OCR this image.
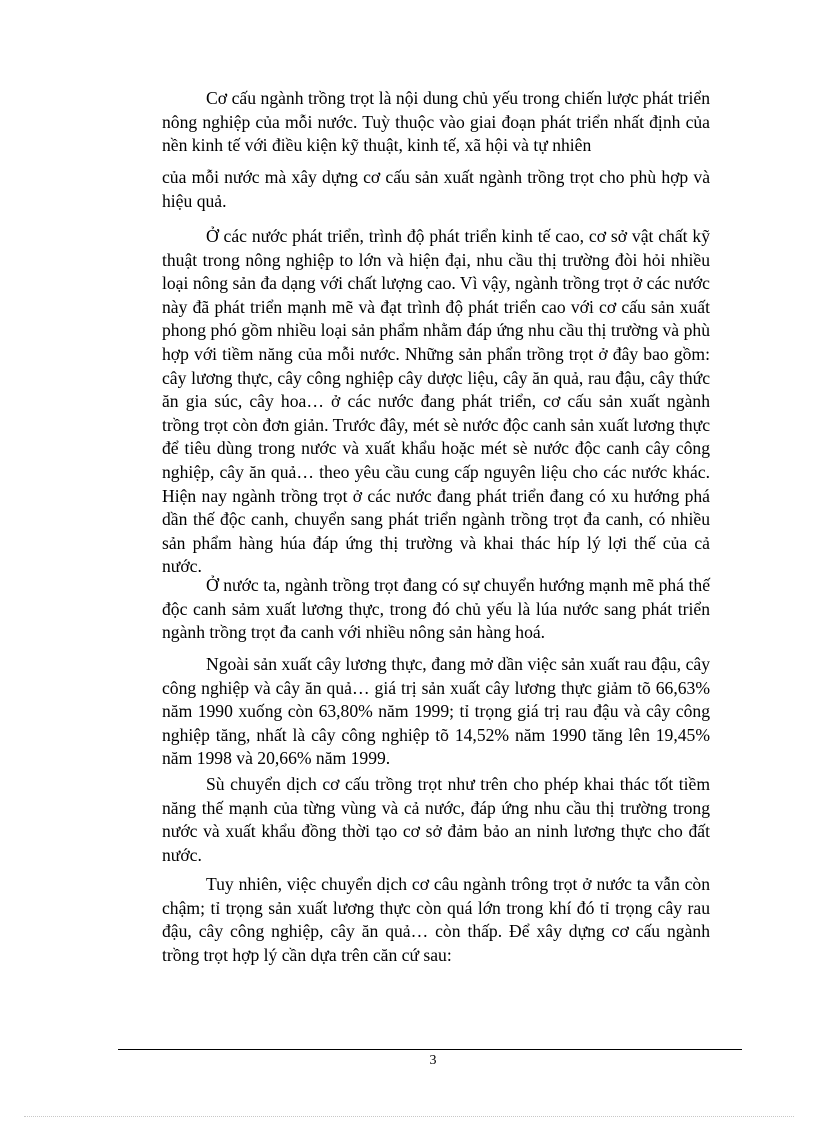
Cơ cấu ngành trồng trọt là nội dung chủ yếu trong chiến lược phát triển nông nghiệp của mỗi nước. Tuỳ thuộc vào giai đoạn phát triển nhất định của nền kinh tế với điều kiện kỹ thuật, kinh tế, xã hội và tự nhiên

của mỗi nước mà xây dựng cơ cấu sản xuất ngành trồng trọt cho phù hợp và hiệu quả.

Ở các nước phát triển, trình độ phát triển kinh tế cao, cơ sở vật chất kỹ thuật trong nông nghiệp to lớn và hiện đại, nhu cầu thị trường đòi hỏi nhiều loại nông sản đa dạng với chất lượng cao. Vì vậy, ngành trồng trọt ở các nước này đã phát triển mạnh mẽ và đạt trình độ phát triển cao với cơ cấu sản xuất phong phó gồm nhiều loại sản phẩm nhằm đáp ứng nhu cầu thị trường và phù hợp với tiềm năng của mỗi nước. Những sản phẩn trồng trọt ở đây bao gồm: cây lương thực, cây công nghiệp cây dược liệu, cây ăn quả, rau đậu, cây thức ăn gia súc, cây hoa… ở các nước đang phát triển, cơ cấu sản xuất ngành trồng trọt còn đơn giản. Trước đây, mét sè nước độc canh sản xuất lương thực để tiêu dùng trong nước và xuất khẩu hoặc mét sè nước độc canh cây công nghiệp, cây ăn quả… theo yêu cầu cung cấp nguyên liệu cho các nước khác. Hiện nay ngành trồng trọt ở các nước đang phát triển đang có xu hướng phá dần thế độc canh, chuyển sang phát triển ngành trồng trọt đa canh, có nhiều sản phẩm hàng húa đáp ứng thị trường và khai thác híp lý lợi thế của cả nước.

Ở nước ta, ngành trồng trọt đang có sự chuyển hướng mạnh mẽ phá thế độc canh sảm xuất lương thực, trong đó chủ yếu là lúa nước sang phát triển ngành trồng trọt đa canh với nhiều nông sản hàng hoá.

Ngoài sản xuất cây lương thực, đang mở dần việc sản xuất rau đậu, cây công nghiệp và cây ăn quả… giá trị sản xuất cây lương thực giảm tõ 66,63% năm 1990 xuống còn 63,80% năm 1999; tỉ trọng giá trị rau đậu và cây công nghiệp tăng, nhất là cây công nghiệp tõ 14,52% năm 1990 tăng lên 19,45% năm 1998 và 20,66% năm 1999.

Sù chuyển dịch cơ cấu trồng trọt như trên cho phép khai thác tốt tiềm năng thế mạnh của từng vùng và cả nước, đáp ứng nhu cầu thị trường trong nước và xuất khẩu đồng thời tạo cơ sở đảm bảo an ninh lương thực cho đất nước.

Tuy nhiên, việc chuyển dịch cơ câu ngành trông trọt ở nước ta vẫn còn chậm; tỉ trọng sản xuất lương thực còn quá lớn trong khí đó tỉ trọng cây rau đậu, cây công nghiệp, cây ăn quả… còn thấp. Để xây dựng cơ cấu ngành trồng trọt hợp lý cần dựa trên căn cứ sau:

3
